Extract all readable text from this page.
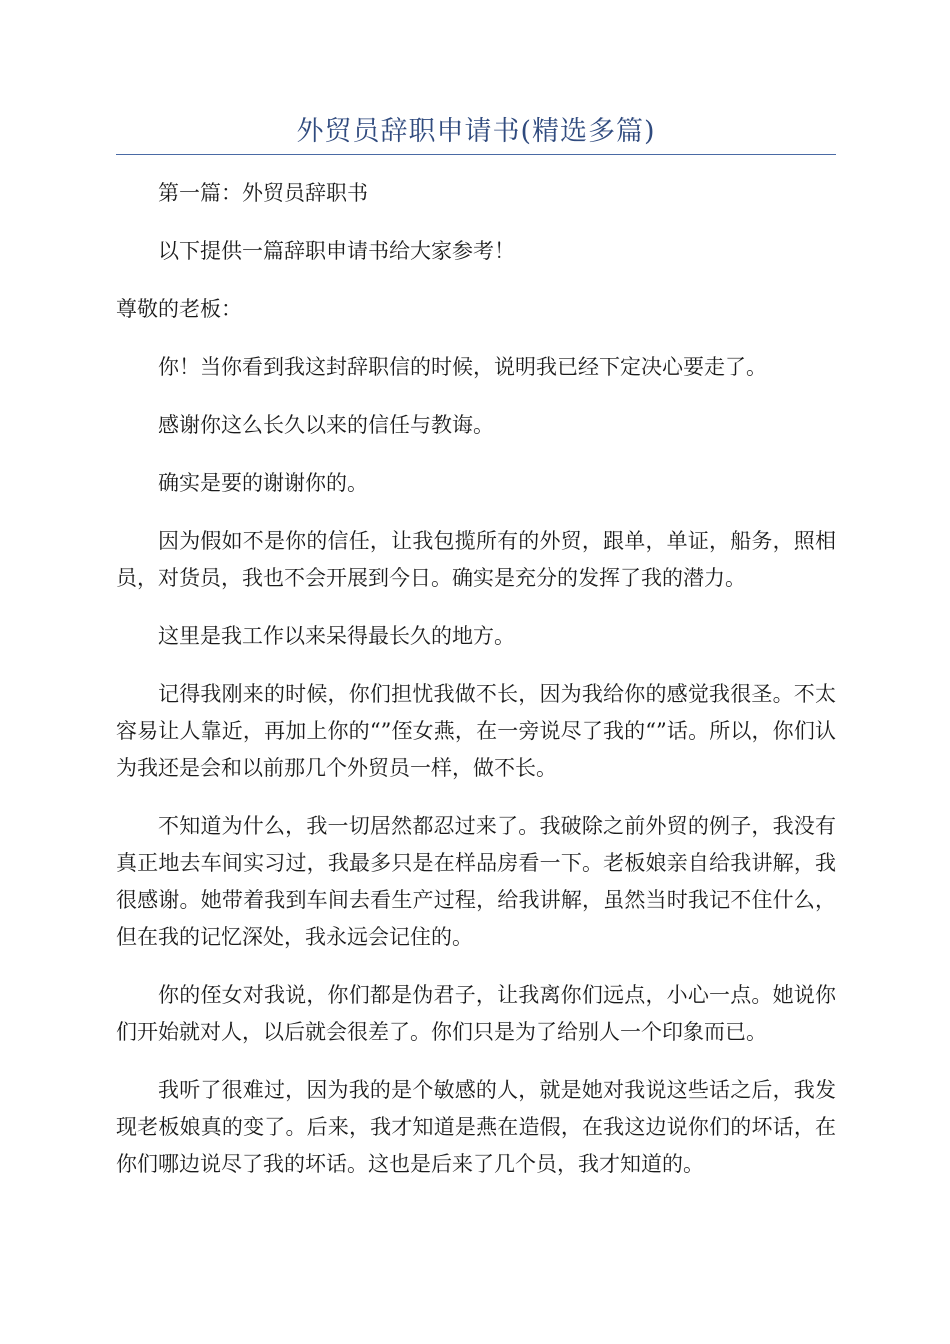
外贸员辞职申请书(精选多篇)

第一篇：外贸员辞职书

以下提供一篇辞职申请书给大家参考！

尊敬的老板：

你！当你看到我这封辞职信的时候，说明我已经下定决心要走了。

感谢你这么长久以来的信任与教诲。

确实是要的谢谢你的。

因为假如不是你的信任，让我包揽所有的外贸，跟单，单证，船务，照相员，对货员，我也不会开展到今日。确实是充分的发挥了我的潜力。

这里是我工作以来呆得最长久的地方。

记得我刚来的时候，你们担忧我做不长，因为我给你的感觉我很圣。不太容易让人靠近，再加上你的“”侄女燕，在一旁说尽了我的“”话。所以，你们认为我还是会和以前那几个外贸员一样，做不长。

不知道为什么，我一切居然都忍过来了。我破除之前外贸的例子，我没有真正地去车间实习过，我最多只是在样品房看一下。老板娘亲自给我讲解，我很感谢。她带着我到车间去看生产过程，给我讲解，虽然当时我记不住什么，但在我的记忆深处，我永远会记住的。

你的侄女对我说，你们都是伪君子，让我离你们远点，小心一点。她说你们开始就对人，以后就会很差了。你们只是为了给别人一个印象而已。

我听了很难过，因为我的是个敏感的人，就是她对我说这些话之后，我发现老板娘真的变了。后来，我才知道是燕在造假，在我这边说你们的坏话，在你们哪边说尽了我的坏话。这也是后来了几个员，我才知道的。
